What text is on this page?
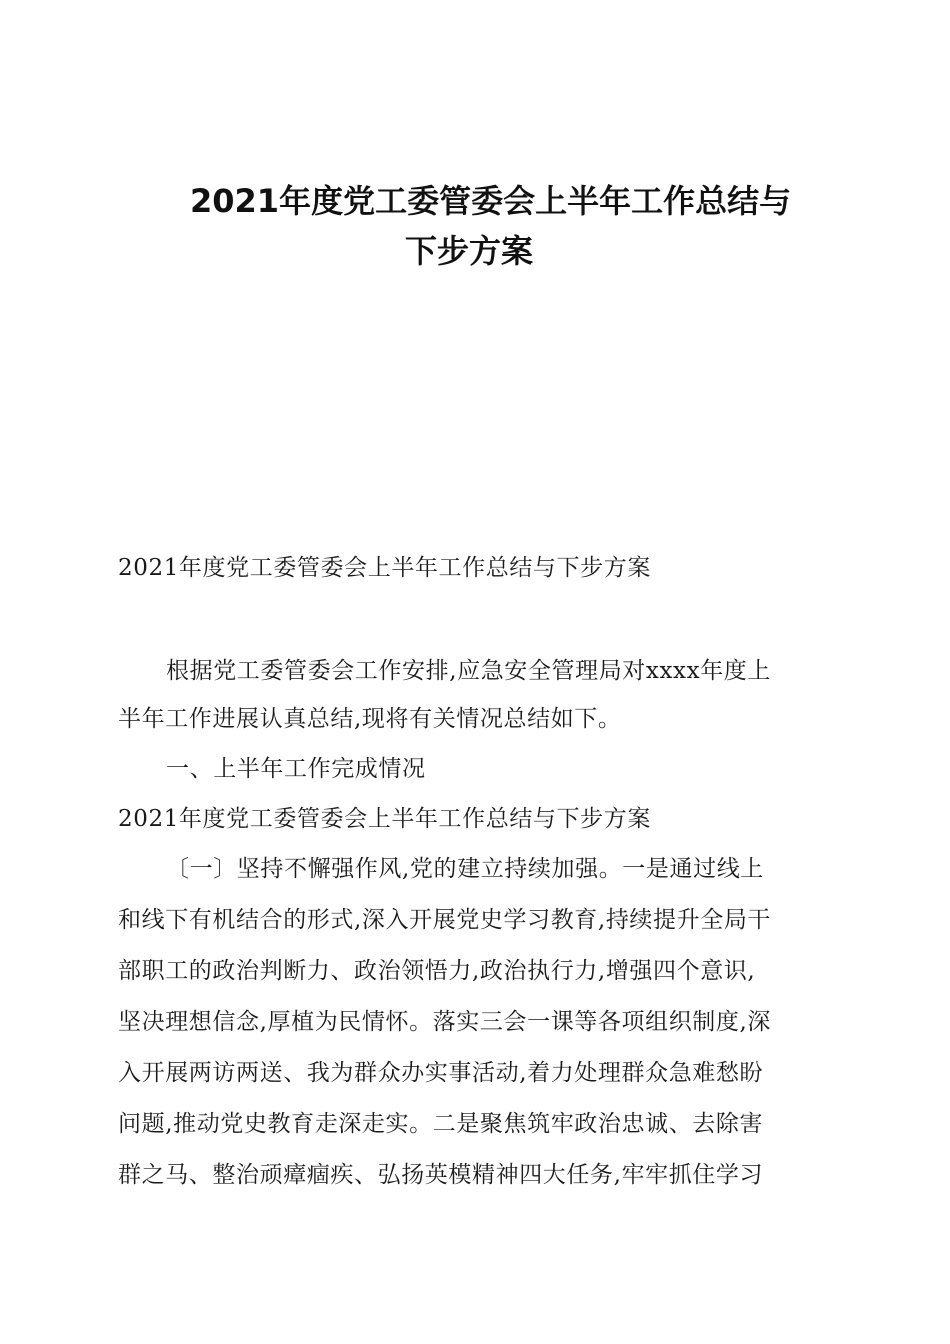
2021年度党工委管委会上半年工作总结与
下步方案
2021年度党工委管委会上半年工作总结与下步方案
根据党工委管委会工作安排,应急安全管理局对xxxx年度上
半年工作进展认真总结,现将有关情况总结如下。
一、上半年工作完成情况
2021年度党工委管委会上半年工作总结与下步方案
〔一〕坚持不懈强作风,党的建立持续加强。一是通过线上
和线下有机结合的形式,深入开展党史学习教育,持续提升全局干
部职工的政治判断力、政治领悟力,政治执行力,增强四个意识,
坚决理想信念,厚植为民情怀。落实三会一课等各项组织制度,深
入开展两访两送、我为群众办实事活动,着力处理群众急难愁盼
问题,推动党史教育走深走实。二是聚焦筑牢政治忠诚、去除害
群之马、整治顽瘴痼疾、弘扬英模精神四大任务,牢牢抓住学习
